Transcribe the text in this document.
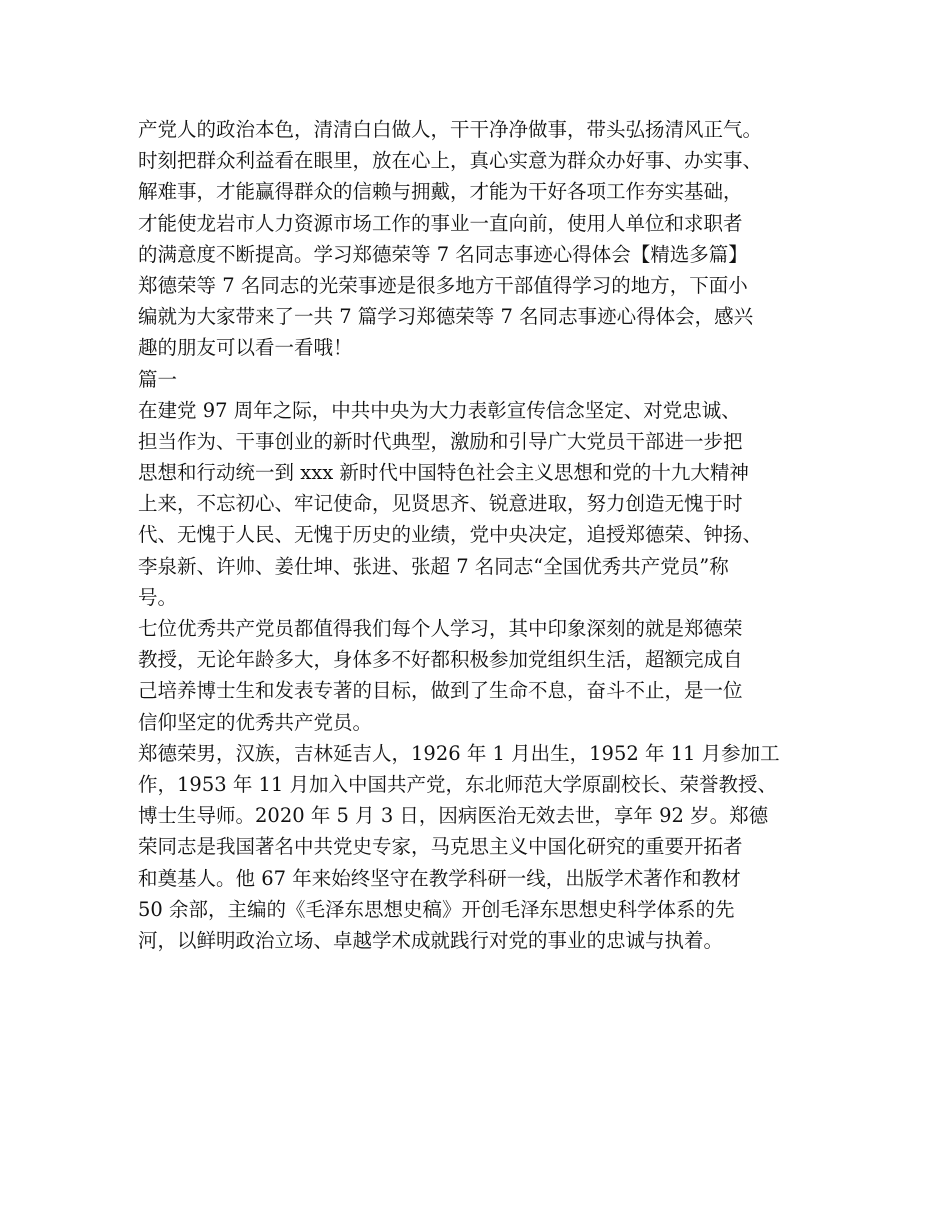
产党人的政治本色，清清白白做人，干干净净做事，带头弘扬清风正气。
时刻把群众利益看在眼里，放在心上，真心实意为群众办好事、办实事、
解难事，才能赢得群众的信赖与拥戴，才能为干好各项工作夯实基础，
才能使龙岩市人力资源市场工作的事业一直向前，使用人单位和求职者
的满意度不断提高。学习郑德荣等 7 名同志事迹心得体会【精选多篇】
郑德荣等 7 名同志的光荣事迹是很多地方干部值得学习的地方，下面小
编就为大家带来了一共 7 篇学习郑德荣等 7 名同志事迹心得体会，感兴
趣的朋友可以看一看哦！
篇一
在建党 97 周年之际，中共中央为大力表彰宣传信念坚定、对党忠诚、
担当作为、干事创业的新时代典型，激励和引导广大党员干部进一步把
思想和行动统一到 xxx 新时代中国特色社会主义思想和党的十九大精神
上来，不忘初心、牢记使命，见贤思齐、锐意进取，努力创造无愧于时
代、无愧于人民、无愧于历史的业绩，党中央决定，追授郑德荣、钟扬、
李泉新、许帅、姜仕坤、张进、张超 7 名同志“全国优秀共产党员”称
号。
七位优秀共产党员都值得我们每个人学习，其中印象深刻的就是郑德荣
教授，无论年龄多大，身体多不好都积极参加党组织生活，超额完成自
己培养博士生和发表专著的目标，做到了生命不息，奋斗不止，是一位
信仰坚定的优秀共产党员。
郑德荣男，汉族，吉林延吉人，1926 年 1 月出生，1952 年 11 月参加工
作，1953 年 11 月加入中国共产党，东北师范大学原副校长、荣誉教授、
博士生导师。2020 年 5 月 3 日，因病医治无效去世，享年 92 岁。郑德
荣同志是我国著名中共党史专家，马克思主义中国化研究的重要开拓者
和奠基人。他 67 年来始终坚守在教学科研一线，出版学术著作和教材
50 余部，主编的《毛泽东思想史稿》开创毛泽东思想史科学体系的先
河，以鲜明政治立场、卓越学术成就践行对党的事业的忠诚与执着。
